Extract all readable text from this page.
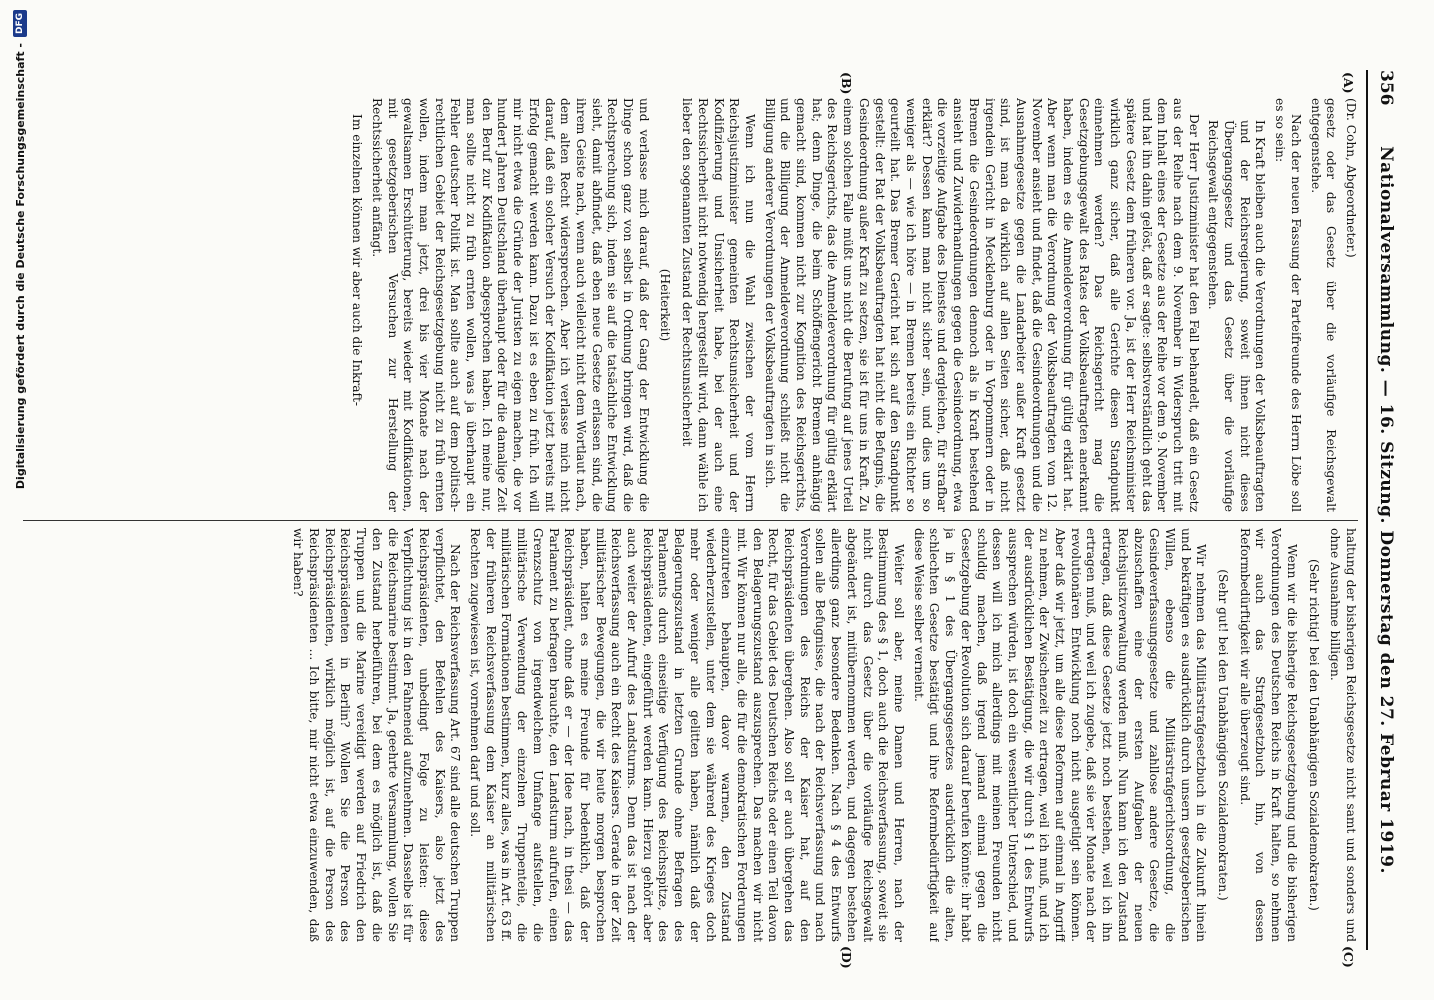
356
Nationalversammlung. — 16. Sitzung. Donnerstag den 27. Februar 1919.
(A)
(B)
(C)
(D)

(Dr. Cohn, Abgeordneter.)

gesetz oder das Gesetz über die vorläufige Reichsgewalt entgegenstehe.

Nach der neuen Fassung der Parteifreunde des Herrn Löbe soll es so sein:

In Kraft bleiben auch die Verordnungen der Volksbeauftragten und der Reichsregierung, soweit ihnen nicht dieses Übergangsgesetz und das Gesetz über die vorläufige Reichsgewalt entgegenstehen.

Der Herr Justizminister hat den Fall behandelt, daß ein Gesetz aus der Reihe nach dem 9. November in Widerspruch tritt mit dem Inhalt eines der Gesetze aus der Reihe vor dem 9. November und hat ihn dahin gelöst, daß er sagte: selbstverständlich geht das spätere Gesetz dem früheren vor. Ja, ist der Herr Reichsminister wirklich ganz sicher, daß alle Gerichte diesen Standpunkt einnehmen werden? Das Reichsgericht mag die Gesetzgebungsgewalt des Rates der Volksbeauftragten anerkannt haben, indem es die Anmeldeverordnung für gültig erklärt hat. Aber wenn man die Verordnung der Volksbeauftragten vom 12. November ansieht und findet, daß die Gesindeordnungen und die Ausnahmegesetze gegen die Landarbeiter außer Kraft gesetzt sind, ist man da wirklich auf allen Seiten sicher, daß nicht irgendein Gericht in Mecklenburg oder in Vorpommern oder in Bremen die Gesindeordnungen dennoch als in Kraft bestehend ansieht und Zuwiderhandlungen gegen die Gesindeordnung, etwa die vorzeitige Aufgabe des Dienstes und dergleichen, für strafbar erklärt? Dessen kann man nicht sicher sein, und dies um so weniger als — wie ich höre — in Bremen bereits ein Richter so geurteilt hat. Das Bremer Gericht hat sich auf den Standpunkt gestellt: der Rat der Volksbeauftragten hat nicht die Befugnis, die Gesindeordnung außer Kraft zu setzen, sie ist für uns in Kraft. Zu einem solchen Falle müßt uns nicht die Berufung auf jenes Urteil des Reichsgerichts, das die Anmeldeverordnung für gültig erklärt hat; denn Dinge, die beim Schöffengericht Bremen anhängig gemacht sind, kommen nicht zur Kognition des Reichsgerichts, und die Billigung der Anmeldeverordnung schließt nicht die Billigung anderer Verordnungen der Volksbeauftragten in sich.

Wenn ich nun die Wahl zwischen der vom Herrn Reichsjustizminister gemeinten Rechtsunsicherheit und der Kodifizierung und Unsicherheit habe, bei der auch eine Rechtssicherheit nicht notwendig hergestellt wird, dann wähle ich lieber den sogenannten Zustand der Rechtsunsicherheit

(Heiterkeit)

und verlasse mich darauf, daß der Gang der Entwicklung die Dinge schon ganz von selbst in Ordnung bringen wird, daß die Rechtsprechung sich, indem sie auf die tatsächliche Entwicklung sieht, damit abfindet, daß eben neue Gesetze erlassen sind, die ihrem Geiste nach, wenn auch vielleicht nicht dem Wortlaut nach, dem alten Recht widersprechen. Aber ich verlasse mich nicht darauf, daß ein solcher Versuch der Kodifikation jetzt bereits mit Erfolg gemacht werden kann. Dazu ist es eben zu früh. Ich will mir nicht etwa die Gründe der Juristen zu eigen machen, die vor hundert Jahren Deutschland überhaupt oder für die damalige Zeit den Beruf zur Kodifikation abgesprochen haben. Ich meine nur, man sollte nicht zu früh ernten wollen, was ja überhaupt ein Fehler deutscher Politik ist. Man sollte auch auf dem politisch-rechtlichen Gebiet der Reichsgesetzgebung nicht zu früh ernten wollen, indem man jetzt, drei bis vier Monate nach der gewaltsamen Erschütterung, bereits wieder mit Kodifikationen, mit gesetzgeberischen Versuchen zur Herstellung der Rechtssicherheit anfängt.

Im einzelnen können wir aber auch die Inkraft-

haltung der bisherigen Reichsgesetze nicht samt und sonders und ohne Ausnahme billigen.

(Sehr richtig! bei den Unabhängigen Sozialdemokraten.)

Wenn wir die bisherige Reichsgesetzgebung und die bisherigen Verordnungen des Deutschen Reichs in Kraft halten, so nehmen wir auch das Strafgesetzbuch hin, von dessen Reformbedürftigkeit wir alle überzeugt sind.

(Sehr gut! bei den Unabhängigen Sozialdemokraten.)

Wir nehmen das Militärstrafgesetzbuch in die Zukunft hinein und bekräftigen es ausdrücklich durch unsern gesetzgeberischen Willen, ebenso die Militärstrafgerichtsordnung, die Gesindeverfassungsgesetze und zahllose andere Gesetze, die abzuschaffen eine der ersten Aufgaben der neuen Reichsjustizverwaltung werden muß. Nun kann ich den Zustand ertragen, daß diese Gesetze jetzt noch bestehen, weil ich ihn ertragen muß, und weil ich zugebe, daß sie vier Monate nach der revolutionären Entwicklung noch nicht ausgetilgt sein können. Aber daß wir jetzt, um alle diese Reformen auf einmal in Angriff zu nehmen, der Zwischenzeit zu ertragen, weil ich muß, und ich der ausdrücklichen Bestätigung, die wir durch § 1 des Entwurfs aussprechen würden, ist doch ein wesentlicher Unterschied, und dessen will ich mich allerdings mit meinen Freunden nicht schuldig machen, daß irgend jemand einmal gegen die Gesetzgebung der Revolution sich darauf berufen könnte: ihr habt ja in § 1 des Übergangsgesetzes ausdrücklich die alten, schlechten Gesetze bestätigt und ihre Reformbedürftigkeit auf diese Weise selber verneint.

Weiter soll aber, meine Damen und Herren, nach der Bestimmung des § 1, doch auch die Reichsverfassung, soweit sie nicht durch das Gesetz über die vorläufige Reichsgewalt abgeändert ist, mitübernommen werden, und dagegen bestehen allerdings ganz besondere Bedenken. Nach § 4 des Entwurfs sollen alle Befugnisse, die nach der Reichsverfassung und nach Verordnungen des Reichs der Kaiser hat, auf den Reichspräsidenten übergehen. Also soll er auch übergehen das Recht, für das Gebiet des Deutschen Reichs oder einen Teil davon den Belagerungszustand auszusprechen. Das machen wir nicht mit. Wir können nur alle, die für die demokratischen Forderungen einzutreten behaupten, davor warnen, den Zustand wiederherzustellen, unter dem sie während des Krieges doch mehr oder weniger alle gelitten haben, nämlich daß der Belagerungszustand in letzten Grunde ohne Befragen des Parlaments durch einseitige Verfügung des Reichsspitze, des Reichspräsidenten, eingeführt werden kann. Hierzu gehört aber auch weiter der Aufruf des Landsturms. Denn das ist nach der Reichsverfassung auch ein Recht des Kaisers. Gerade in der Zeit militärischer Bewegungen, die wir heute morgen besprochen haben, halten es meine Freunde für bedenklich, daß der Reichspräsident, ohne daß er — der Idee nach, in thesi — das Parlament zu befragen brauchte, den Landsturm aufrufen, einen Grenzschutz von irgendwelchem Umfange aufstellen, die militärische Verwendung der einzelnen Truppenteile, die militärischen Formationen bestimmen, kurz alles, was in Art. 63 ff. der früheren Reichsverfassung dem Kaiser an militärischen Rechten zugewiesen ist, vornehmen darf und soll.

Nach der Reichsverfassung Art. 67 sind alle deutschen Truppen verpflichtet, den Befehlen des Kaisers, also jetzt des Reichspräsidenten, unbedingt Folge zu leisten: diese Verpflichtung ist in den Fahneneid aufzunehmen. Dasselbe ist für die Reichsmarine bestimmt. Ja, geehrte Versammlung, wollen Sie den Zustand herbeiführen, bei dem es möglich ist, daß die Truppen und die Marine vereidigt werden auf Friedrich den Reichspräsidenten in Berlin? Wollen Sie die Person des Reichspräsidenten, wirklich möglich ist, auf die Person des Reichspräsidenten ... Ich bitte, mir nicht etwa einzuwenden, daß wir haben?

Digitalisierung gefördert durch die Deutsche Forschungsgemeinschaft -
DFG
